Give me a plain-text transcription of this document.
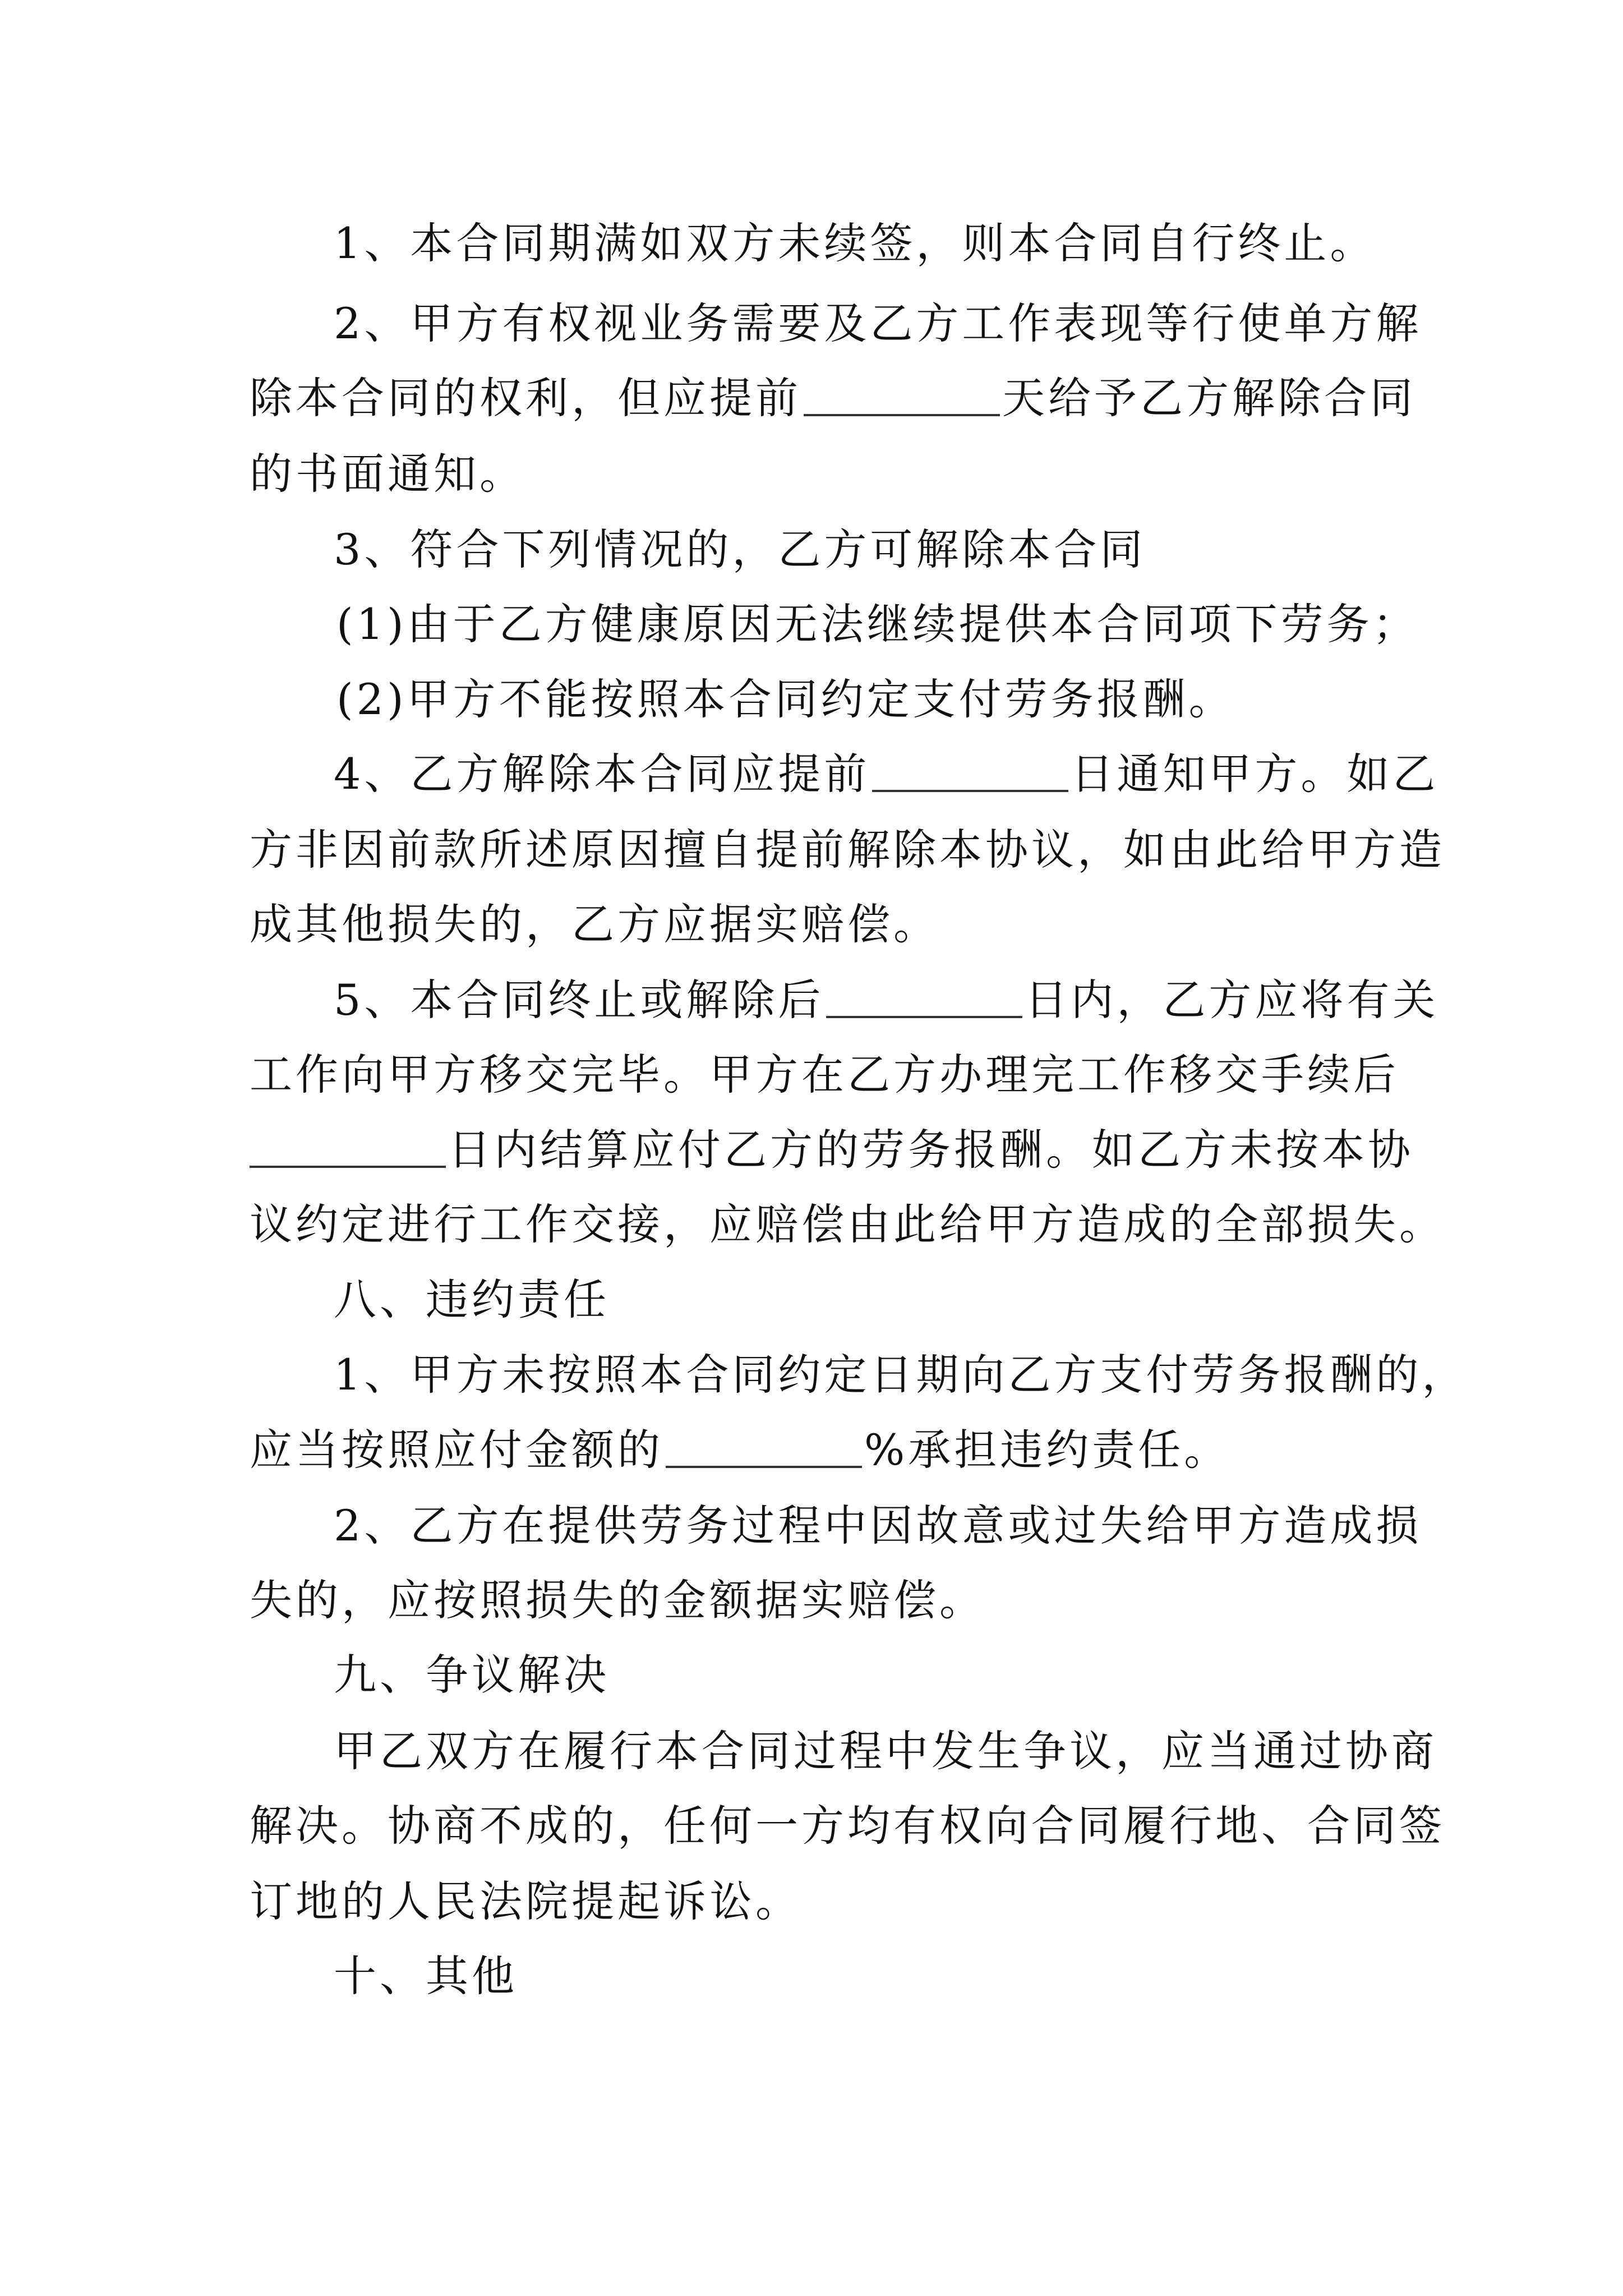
1、本合同期满如双方未续签，则本合同自行终止。
2、甲方有权视业务需要及乙方工作表现等行使单方解
除本合同的权利，但应提前	天给予乙方解除合同
的书面通知。
3、符合下列情况的，乙方可解除本合同
(1)由于乙方健康原因无法继续提供本合同项下劳务；
(2)甲方不能按照本合同约定支付劳务报酬。
4、乙方解除本合同应提前	日通知甲方。如乙
方非因前款所述原因擅自提前解除本协议，如由此给甲方造
成其他损失的，乙方应据实赔偿。
5、本合同终止或解除后	日内，乙方应将有关
工作向甲方移交完毕。甲方在乙方办理完工作移交手续后
日内结算应付乙方的劳务报酬。如乙方未按本协
议约定进行工作交接，应赔偿由此给甲方造成的全部损失。
八、违约责任
1、甲方未按照本合同约定日期向乙方支付劳务报酬的，
应当按照应付金额的	%承担违约责任。
2、乙方在提供劳务过程中因故意或过失给甲方造成损
失的，应按照损失的金额据实赔偿。
九、争议解决
甲乙双方在履行本合同过程中发生争议，应当通过协商
解决。协商不成的，任何一方均有权向合同履行地、合同签
订地的人民法院提起诉讼。
十、其他
